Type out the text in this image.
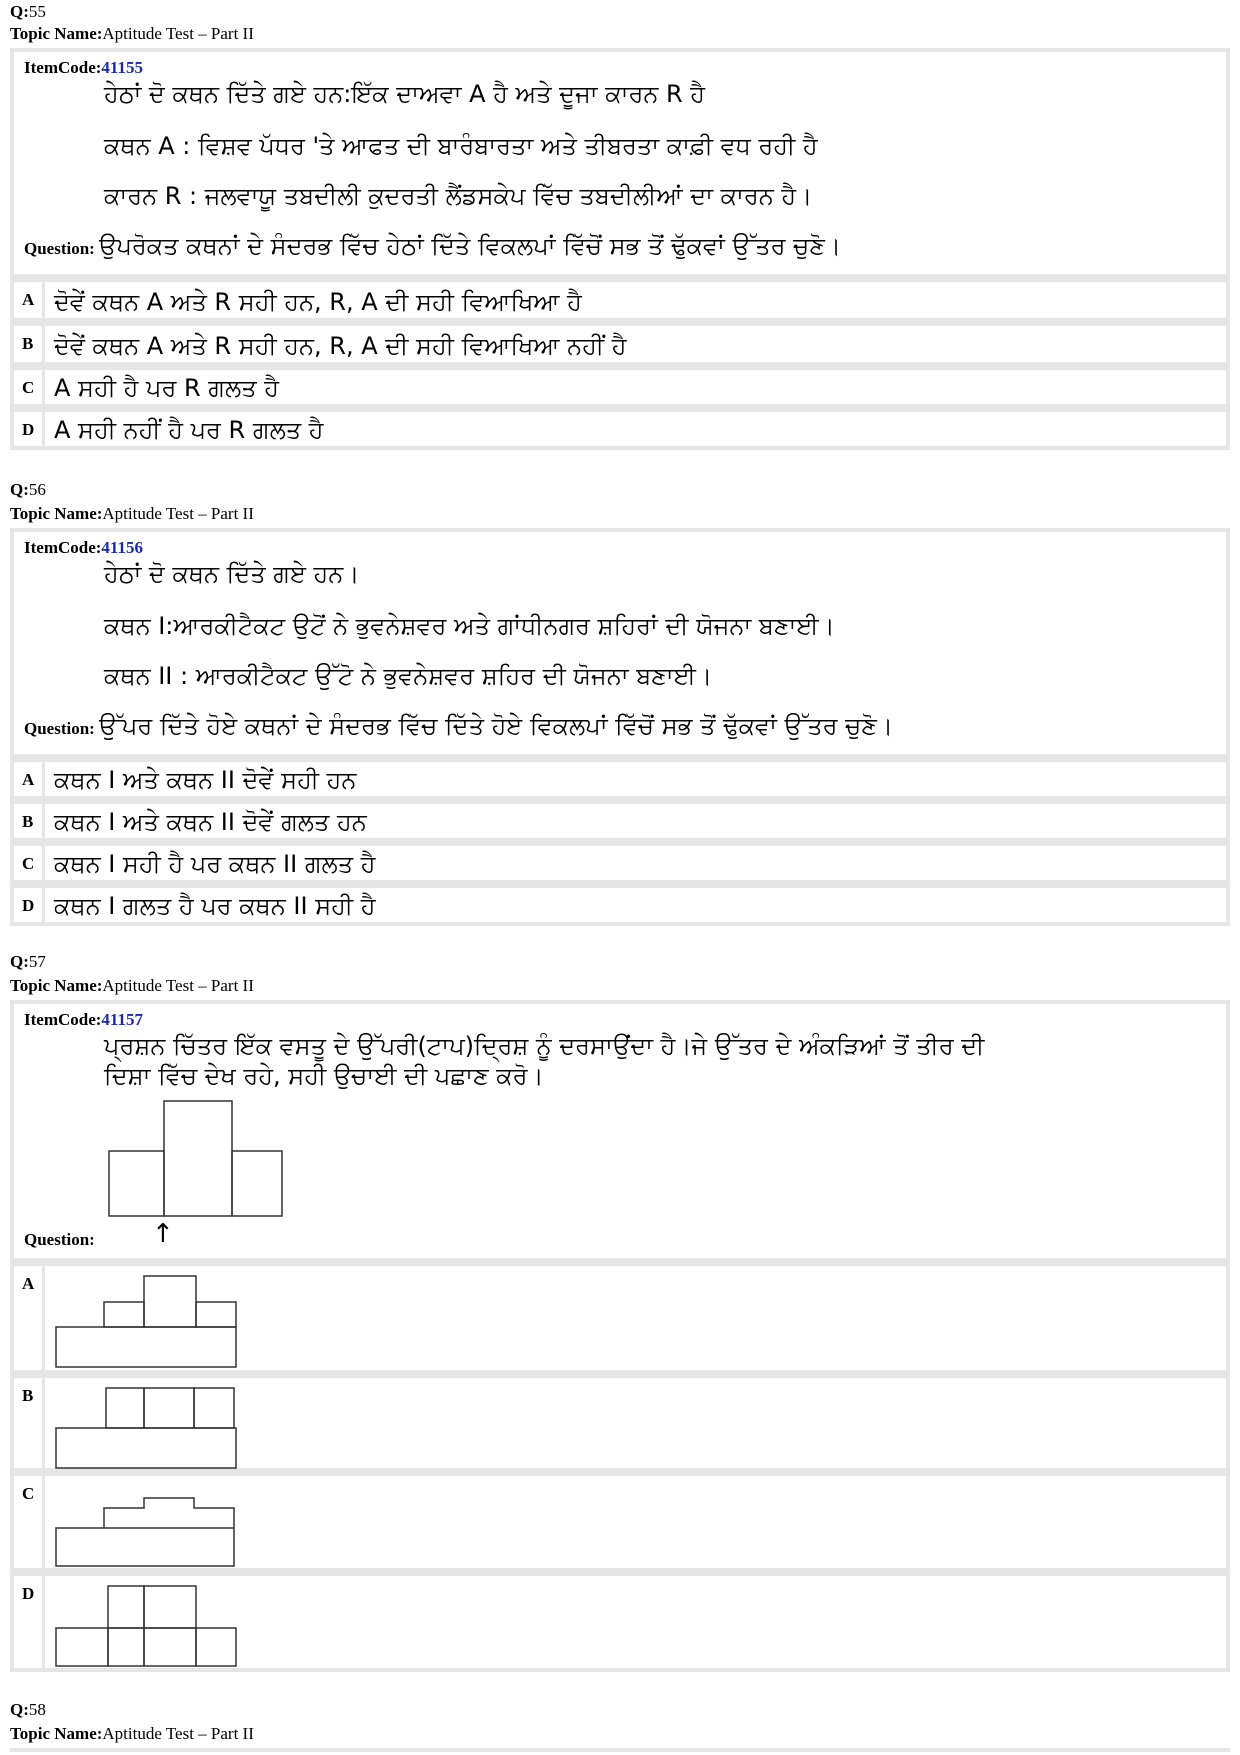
Q:55
Topic Name:Aptitude Test – Part II
ItemCode:41155
ਹੇਠਾਂ ਦੋ ਕਥਨ ਦਿੱਤੇ ਗਏ ਹਨ:ਇੱਕ ਦਾਅਵਾ A ਹੈ ਅਤੇ ਦੂਜਾ ਕਾਰਨ R ਹੈ
ਕਥਨ A : ਵਿਸ਼ਵ ਪੱਧਰ 'ਤੇ ਆਫਤ ਦੀ ਬਾਰੰਬਾਰਤਾ ਅਤੇ ਤੀਬਰਤਾ ਕਾਫ਼ੀ ਵਧ ਰਹੀ ਹੈ
ਕਾਰਨ R : ਜਲਵਾਯੂ ਤਬਦੀਲੀ ਕੁਦਰਤੀ ਲੈਂਡਸਕੇਪ ਵਿੱਚ ਤਬਦੀਲੀਆਂ ਦਾ ਕਾਰਨ ਹੈ।
Question: ਉਪਰੋਕਤ ਕਥਨਾਂ ਦੇ ਸੰਦਰਭ ਵਿੱਚ ਹੇਠਾਂ ਦਿੱਤੇ ਵਿਕਲਪਾਂ ਵਿੱਚੋਂ ਸਭ ਤੋਂ ਢੁੱਕਵਾਂ ਉੱਤਰ ਚੁਣੋ।
A ਦੋਵੇਂ ਕਥਨ A ਅਤੇ R ਸਹੀ ਹਨ, R, A ਦੀ ਸਹੀ ਵਿਆਖਿਆ ਹੈ
B ਦੋਵੇਂ ਕਥਨ A ਅਤੇ R ਸਹੀ ਹਨ, R, A ਦੀ ਸਹੀ ਵਿਆਖਿਆ ਨਹੀਂ ਹੈ
C A ਸਹੀ ਹੈ ਪਰ R ਗਲਤ ਹੈ
D A ਸਹੀ ਨਹੀਂ ਹੈ ਪਰ R ਗਲਤ ਹੈ
Q:56
Topic Name:Aptitude Test – Part II
ItemCode:41156
ਹੇਠਾਂ ਦੋ ਕਥਨ ਦਿੱਤੇ ਗਏ ਹਨ।
ਕਥਨ I:ਆਰਕੀਟੈਕਟ ਉਟੋਂ ਨੇ ਭੁਵਨੇਸ਼ਵਰ ਅਤੇ ਗਾਂਧੀਨਗਰ ਸ਼ਹਿਰਾਂ ਦੀ ਯੋਜਨਾ ਬਣਾਈ।
ਕਥਨ II : ਆਰਕੀਟੈਕਟ ਉੱਟੋ ਨੇ ਭੁਵਨੇਸ਼ਵਰ ਸ਼ਹਿਰ ਦੀ ਯੋਜਨਾ ਬਣਾਈ।
Question: ਉੱਪਰ ਦਿੱਤੇ ਹੋਏ ਕਥਨਾਂ ਦੇ ਸੰਦਰਭ ਵਿੱਚ ਦਿੱਤੇ ਹੋਏ ਵਿਕਲਪਾਂ ਵਿੱਚੋਂ ਸਭ ਤੋਂ ਢੁੱਕਵਾਂ ਉੱਤਰ ਚੁਣੋ।
A ਕਥਨ I ਅਤੇ ਕਥਨ II ਦੋਵੇਂ ਸਹੀ ਹਨ
B ਕਥਨ I ਅਤੇ ਕਥਨ II ਦੋਵੇਂ ਗਲਤ ਹਨ
C ਕਥਨ I ਸਹੀ ਹੈ ਪਰ ਕਥਨ II ਗਲਤ ਹੈ
D ਕਥਨ I ਗਲਤ ਹੈ ਪਰ ਕਥਨ II ਸਹੀ ਹੈ
Q:57
Topic Name:Aptitude Test – Part II
ItemCode:41157
ਪ੍ਰਸ਼ਨ ਚਿੱਤਰ ਇੱਕ ਵਸਤੂ ਦੇ ਉੱਪਰੀ(ਟਾਪ)ਦ੍ਰਿਸ਼ ਨੂੰ ਦਰਸਾਉਂਦਾ ਹੈ।ਜੇ ਉੱਤਰ ਦੇ ਅੰਕੜਿਆਂ ਤੋਂ ਤੀਰ ਦੀ
ਦਿਸ਼ਾ ਵਿੱਚ ਦੇਖ ਰਹੇ, ਸਹੀ ਉਚਾਈ ਦੀ ਪਛਾਣ ਕਰੋ।
↑
Question:
A
B
C
D
Q:58
Topic Name:Aptitude Test – Part II
